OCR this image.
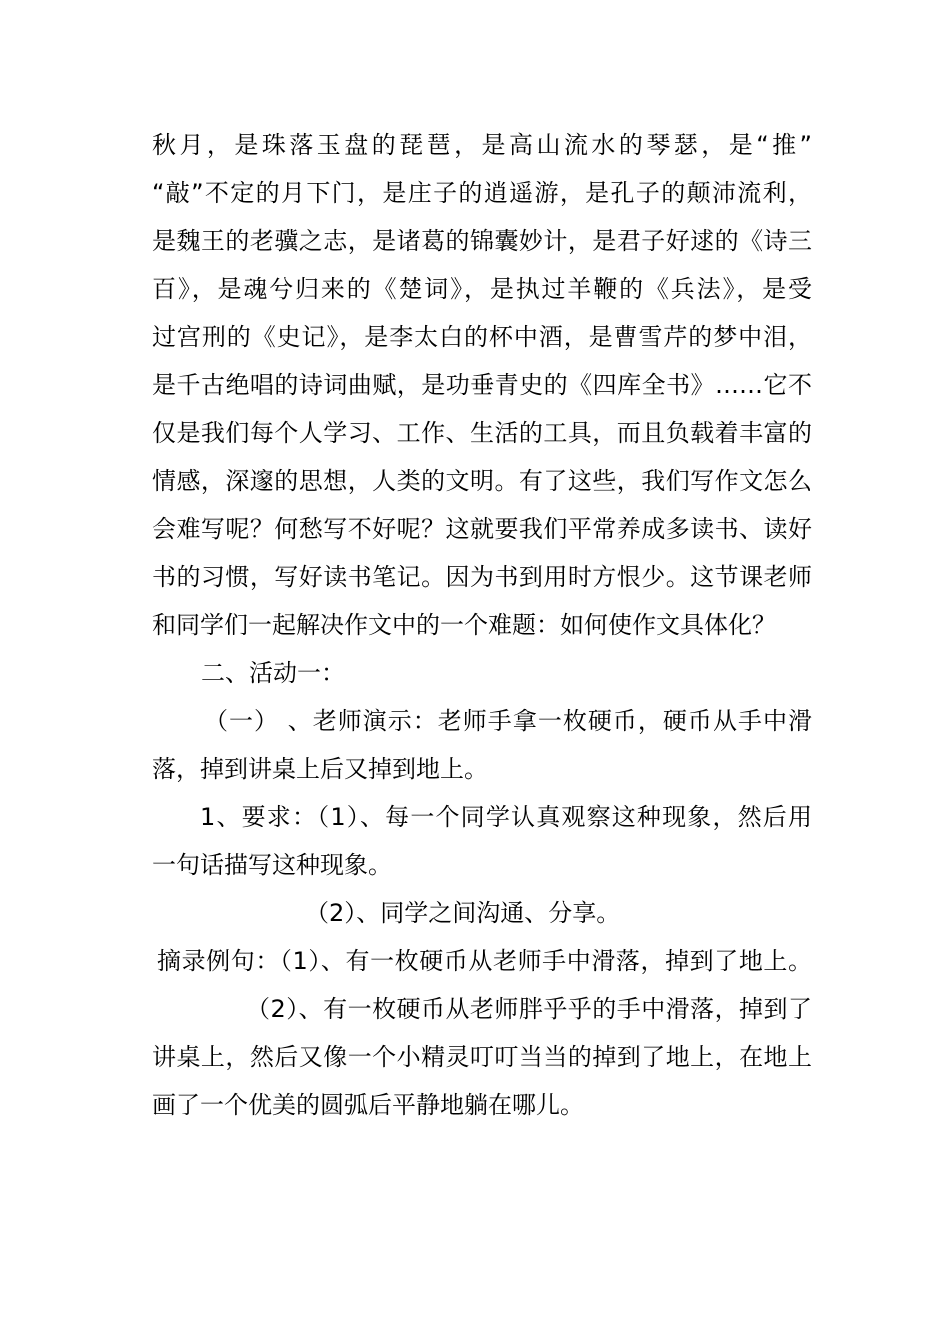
秋月，是珠落玉盘的琵琶，是高山流水的琴瑟，是“推”
“敲”不定的月下门，是庄子的逍遥游，是孔子的颠沛流利，
是魏王的老骥之志，是诸葛的锦囊妙计，是君子好逑的《诗三
百》，是魂兮归来的《楚词》，是执过羊鞭的《兵法》，是受
过宫刑的《史记》，是李太白的杯中酒，是曹雪芹的梦中泪，
是千古绝唱的诗词曲赋，是功垂青史的《四库全书》……它不
仅是我们每个人学习、工作、生活的工具，而且负载着丰富的
情感，深邃的思想，人类的文明。有了这些，我们写作文怎么
会难写呢？何愁写不好呢？这就要我们平常养成多读书、读好
书的习惯，写好读书笔记。因为书到用时方恨少。这节课老师
和同学们一起解决作文中的一个难题：如何使作文具体化？
二、活动一：
（一） 、老师演示：老师手拿一枚硬币，硬币从手中滑
落，掉到讲桌上后又掉到地上。
1、要求：（1）、每一个同学认真观察这种现象，然后用
一句话描写这种现象。
（2）、同学之间沟通、分享。
摘录例句：（1）、有一枚硬币从老师手中滑落，掉到了地上。
（2）、有一枚硬币从老师胖乎乎的手中滑落，掉到了
讲桌上，然后又像一个小精灵叮叮当当的掉到了地上，在地上
画了一个优美的圆弧后平静地躺在哪儿。
